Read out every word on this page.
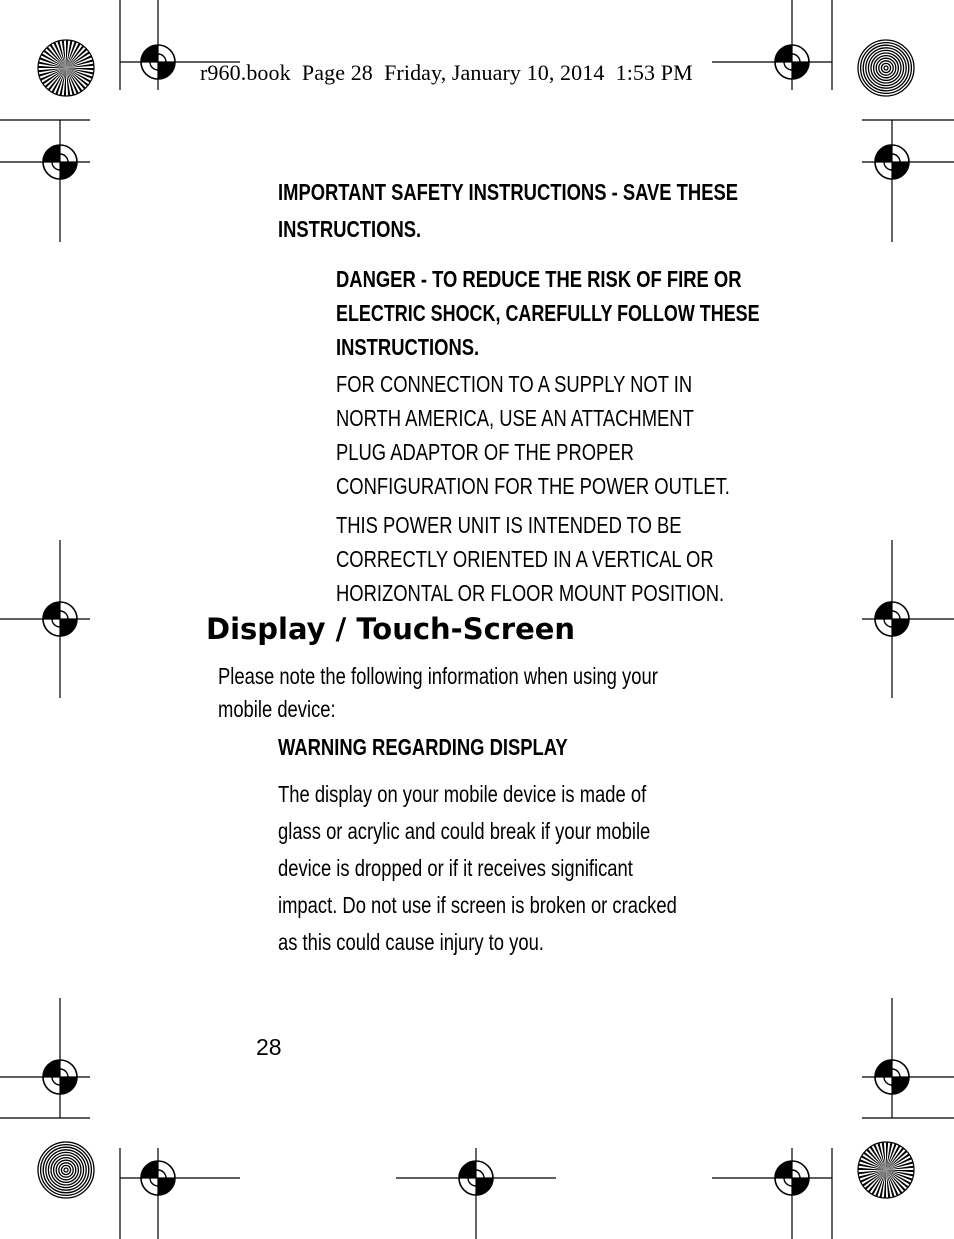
r960.book  Page 28  Friday, January 10, 2014  1:53 PM
IMPORTANT SAFETY INSTRUCTIONS - SAVE THESE
INSTRUCTIONS.
DANGER - TO REDUCE THE RISK OF FIRE OR
ELECTRIC SHOCK, CAREFULLY FOLLOW THESE
INSTRUCTIONS.
FOR CONNECTION TO A SUPPLY NOT IN
NORTH AMERICA, USE AN ATTACHMENT
PLUG ADAPTOR OF THE PROPER
CONFIGURATION FOR THE POWER OUTLET.
THIS POWER UNIT IS INTENDED TO BE
CORRECTLY ORIENTED IN A VERTICAL OR
HORIZONTAL OR FLOOR MOUNT POSITION.
Display / Touch-Screen
Please note the following information when using your
mobile device:
WARNING REGARDING DISPLAY
The display on your mobile device is made of
glass or acrylic and could break if your mobile
device is dropped or if it receives significant
impact. Do not use if screen is broken or cracked
as this could cause injury to you.
28
